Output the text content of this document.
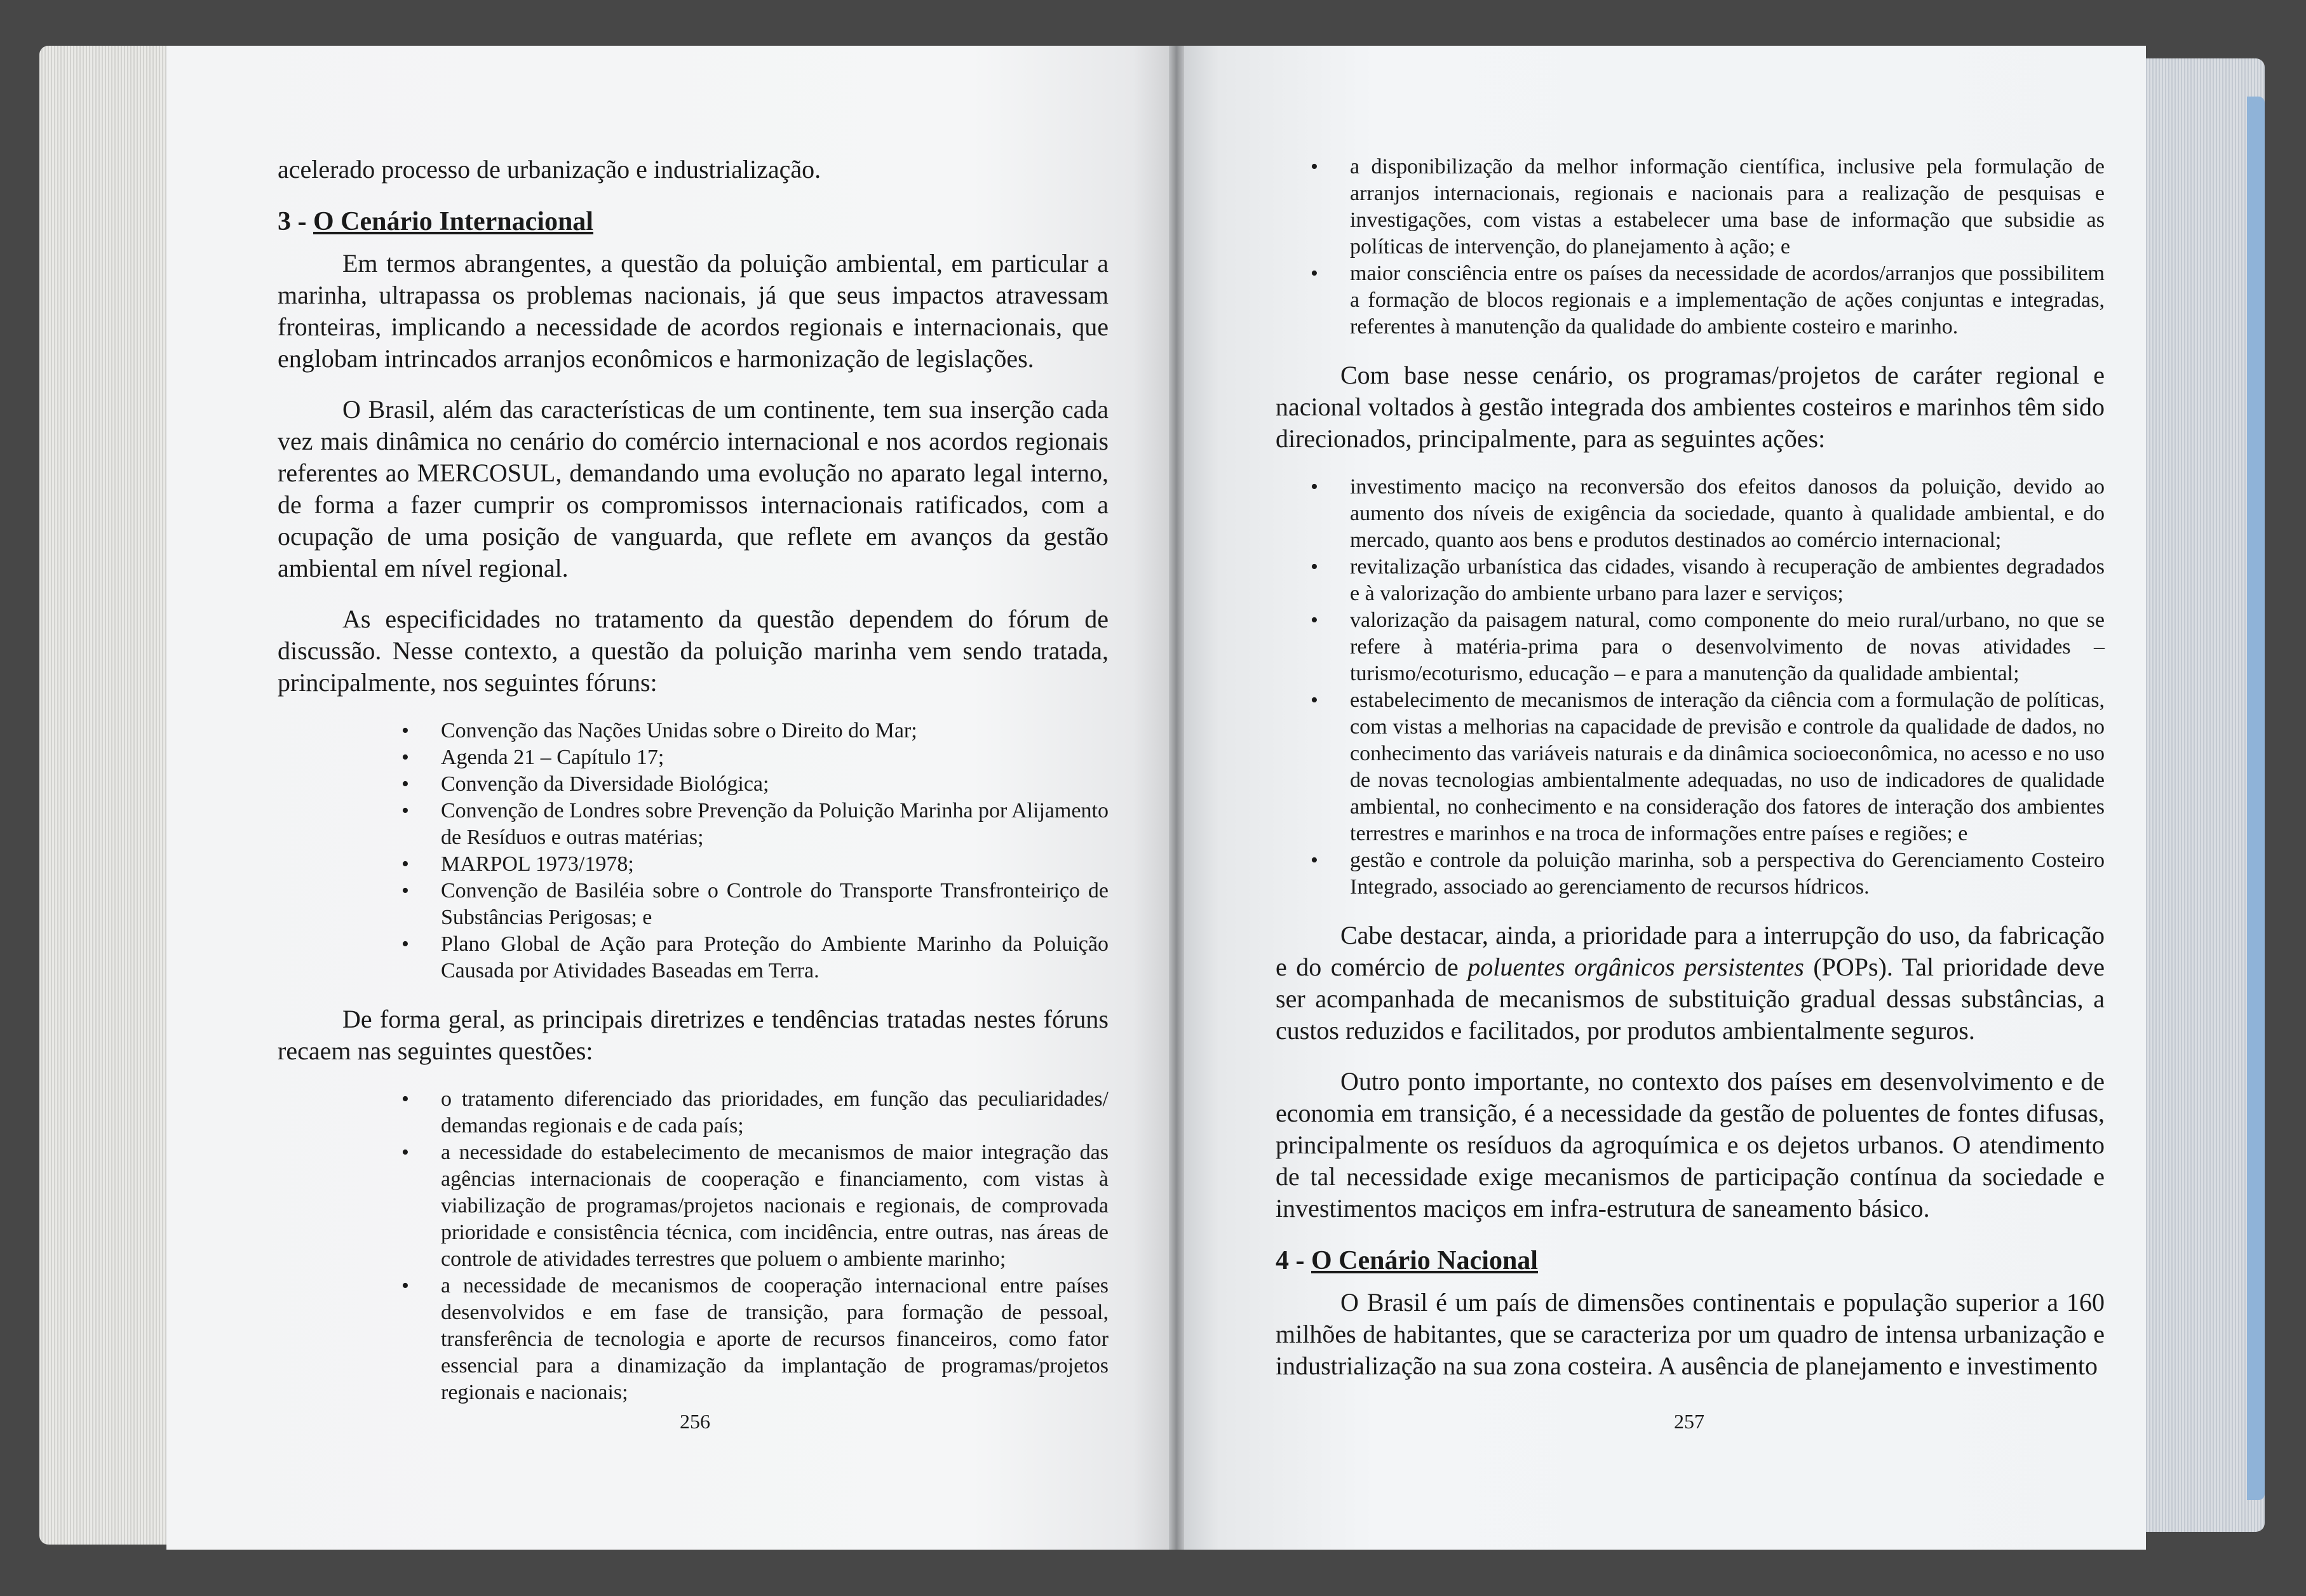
acelerado processo de urbanização e industrialização.

3 - O Cenário Internacional

Em termos abrangentes, a questão da poluição ambiental, em particular a marinha, ultrapassa os problemas nacionais, já que seus impactos atravessam fronteiras, implicando a necessidade de acordos regionais e internacionais, que englobam intrincados arranjos econômicos e harmonização de legislações.

O Brasil, além das características de um continente, tem sua inserção cada vez mais dinâmica no cenário do comércio internacional e nos acordos regionais referentes ao MERCOSUL, demandando uma evolução no aparato legal interno, de forma a fazer cumprir os compromissos internacionais ratificados, com a ocupação de uma posição de vanguarda, que reflete em avanços da gestão ambiental em nível regional.

As especificidades no tratamento da questão dependem do fórum de discussão. Nesse contexto, a questão da poluição marinha vem sendo tratada, principalmente, nos seguintes fóruns:

• Convenção das Nações Unidas sobre o Direito do Mar;
• Agenda 21 – Capítulo 17;
• Convenção da Diversidade Biológica;
• Convenção de Londres sobre Prevenção da Poluição Marinha por Alijamento de Resíduos e outras matérias;
• MARPOL 1973/1978;
• Convenção de Basiléia sobre o Controle do Transporte Transfronteiriço de Substâncias Perigosas; e
• Plano Global de Ação para Proteção do Ambiente Marinho da Poluição Causada por Atividades Baseadas em Terra.

De forma geral, as principais diretrizes e tendências tratadas nestes fóruns recaem nas seguintes questões:

• o tratamento diferenciado das prioridades, em função das peculiaridades/ demandas regionais e de cada país;
• a necessidade do estabelecimento de mecanismos de maior integração das agências internacionais de cooperação e financiamento, com vistas à viabilização de programas/projetos nacionais e regionais, de comprovada prioridade e consistência técnica, com incidência, entre outras, nas áreas de controle de atividades terrestres que poluem o ambiente marinho;
• a necessidade de mecanismos de cooperação internacional entre países desenvolvidos e em fase de transição, para formação de pessoal, transferência de tecnologia e aporte de recursos financeiros, como fator essencial para a dinamização da implantação de programas/projetos regionais e nacionais;
256
• a disponibilização da melhor informação científica, inclusive pela formulação de arranjos internacionais, regionais e nacionais para a realização de pesquisas e investigações, com vistas a estabelecer uma base de informação que subsidie as políticas de intervenção, do planejamento à ação; e
• maior consciência entre os países da necessidade de acordos/arranjos que possibilitem a formação de blocos regionais e a implementação de ações conjuntas e integradas, referentes à manutenção da qualidade do ambiente costeiro e marinho.

Com base nesse cenário, os programas/projetos de caráter regional e nacional voltados à gestão integrada dos ambientes costeiros e marinhos têm sido direcionados, principalmente, para as seguintes ações:

• investimento maciço na reconversão dos efeitos danosos da poluição, devido ao aumento dos níveis de exigência da sociedade, quanto à qualidade ambiental, e do mercado, quanto aos bens e produtos destinados ao comércio internacional;
• revitalização urbanística das cidades, visando à recuperação de ambientes degradados e à valorização do ambiente urbano para lazer e serviços;
• valorização da paisagem natural, como componente do meio rural/urbano, no que se refere à matéria-prima para o desenvolvimento de novas atividades – turismo/ecoturismo, educação – e para a manutenção da qualidade ambiental;
• estabelecimento de mecanismos de interação da ciência com a formulação de políticas, com vistas a melhorias na capacidade de previsão e controle da qualidade de dados, no conhecimento das variáveis naturais e da dinâmica socioeconômica, no acesso e no uso de novas tecnologias ambientalmente adequadas, no uso de indicadores de qualidade ambiental, no conhecimento e na consideração dos fatores de interação dos ambientes terrestres e marinhos e na troca de informações entre países e regiões; e
• gestão e controle da poluição marinha, sob a perspectiva do Gerenciamento Costeiro Integrado, associado ao gerenciamento de recursos hídricos.

Cabe destacar, ainda, a prioridade para a interrupção do uso, da fabricação e do comércio de poluentes orgânicos persistentes (POPs). Tal prioridade deve ser acompanhada de mecanismos de substituição gradual dessas substâncias, a custos reduzidos e facilitados, por produtos ambientalmente seguros.

Outro ponto importante, no contexto dos países em desenvolvimento e de economia em transição, é a necessidade da gestão de poluentes de fontes difusas, principalmente os resíduos da agroquímica e os dejetos urbanos. O atendimento de tal necessidade exige mecanismos de participação contínua da sociedade e investimentos maciços em infra-estrutura de saneamento básico.

4 - O Cenário Nacional

O Brasil é um país de dimensões continentais e população superior a 160 milhões de habitantes, que se caracteriza por um quadro de intensa urbanização e industrialização na sua zona costeira. A ausência de planejamento e investimento

257
